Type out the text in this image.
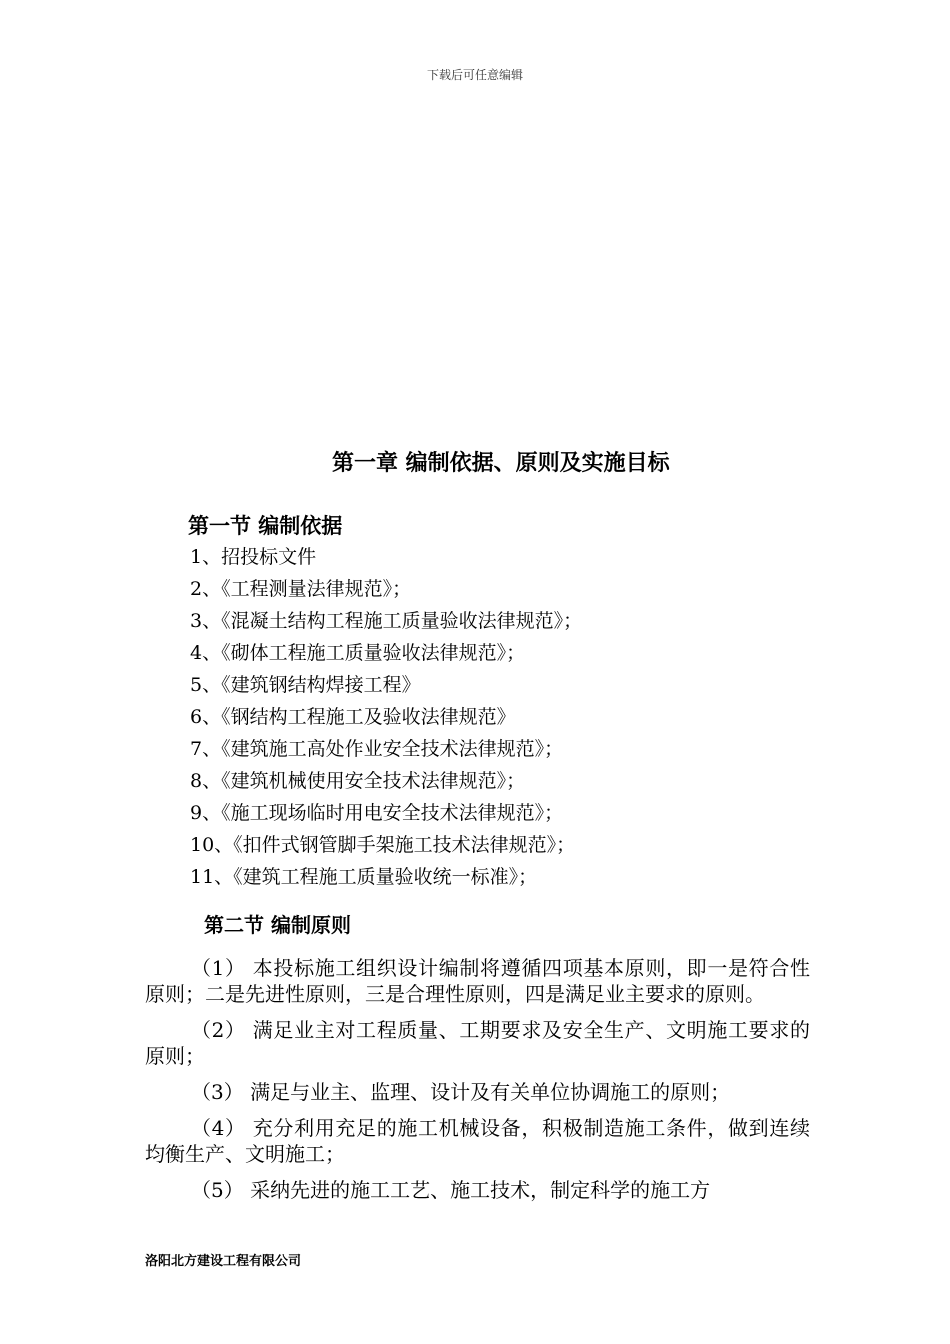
下载后可任意编辑
第一章 编制依据、原则及实施目标
第一节 编制依据
1、招投标文件
2、《工程测量法律规范》；
3、《混凝土结构工程施工质量验收法律规范》；
4、《砌体工程施工质量验收法律规范》；
5、《建筑钢结构焊接工程》
6、《钢结构工程施工及验收法律规范》
7、《建筑施工高处作业安全技术法律规范》；
8、《建筑机械使用安全技术法律规范》；
9、《施工现场临时用电安全技术法律规范》；
10、《扣件式钢管脚手架施工技术法律规范》；
11、《建筑工程施工质量验收统一标准》；
第二节 编制原则

（1） 本投标施工组织设计编制将遵循四项基本原则，即一是符合性原则；二是先进性原则，三是合理性原则，四是满足业主要求的原则。

（2） 满足业主对工程质量、工期要求及安全生产、文明施工要求的原则；

（3） 满足与业主、监理、设计及有关单位协调施工的原则；

（4） 充分利用充足的施工机械设备，积极制造施工条件，做到连续均衡生产、文明施工；

（5） 采纳先进的施工工艺、施工技术，制定科学的施工方

洛阳北方建设工程有限公司
